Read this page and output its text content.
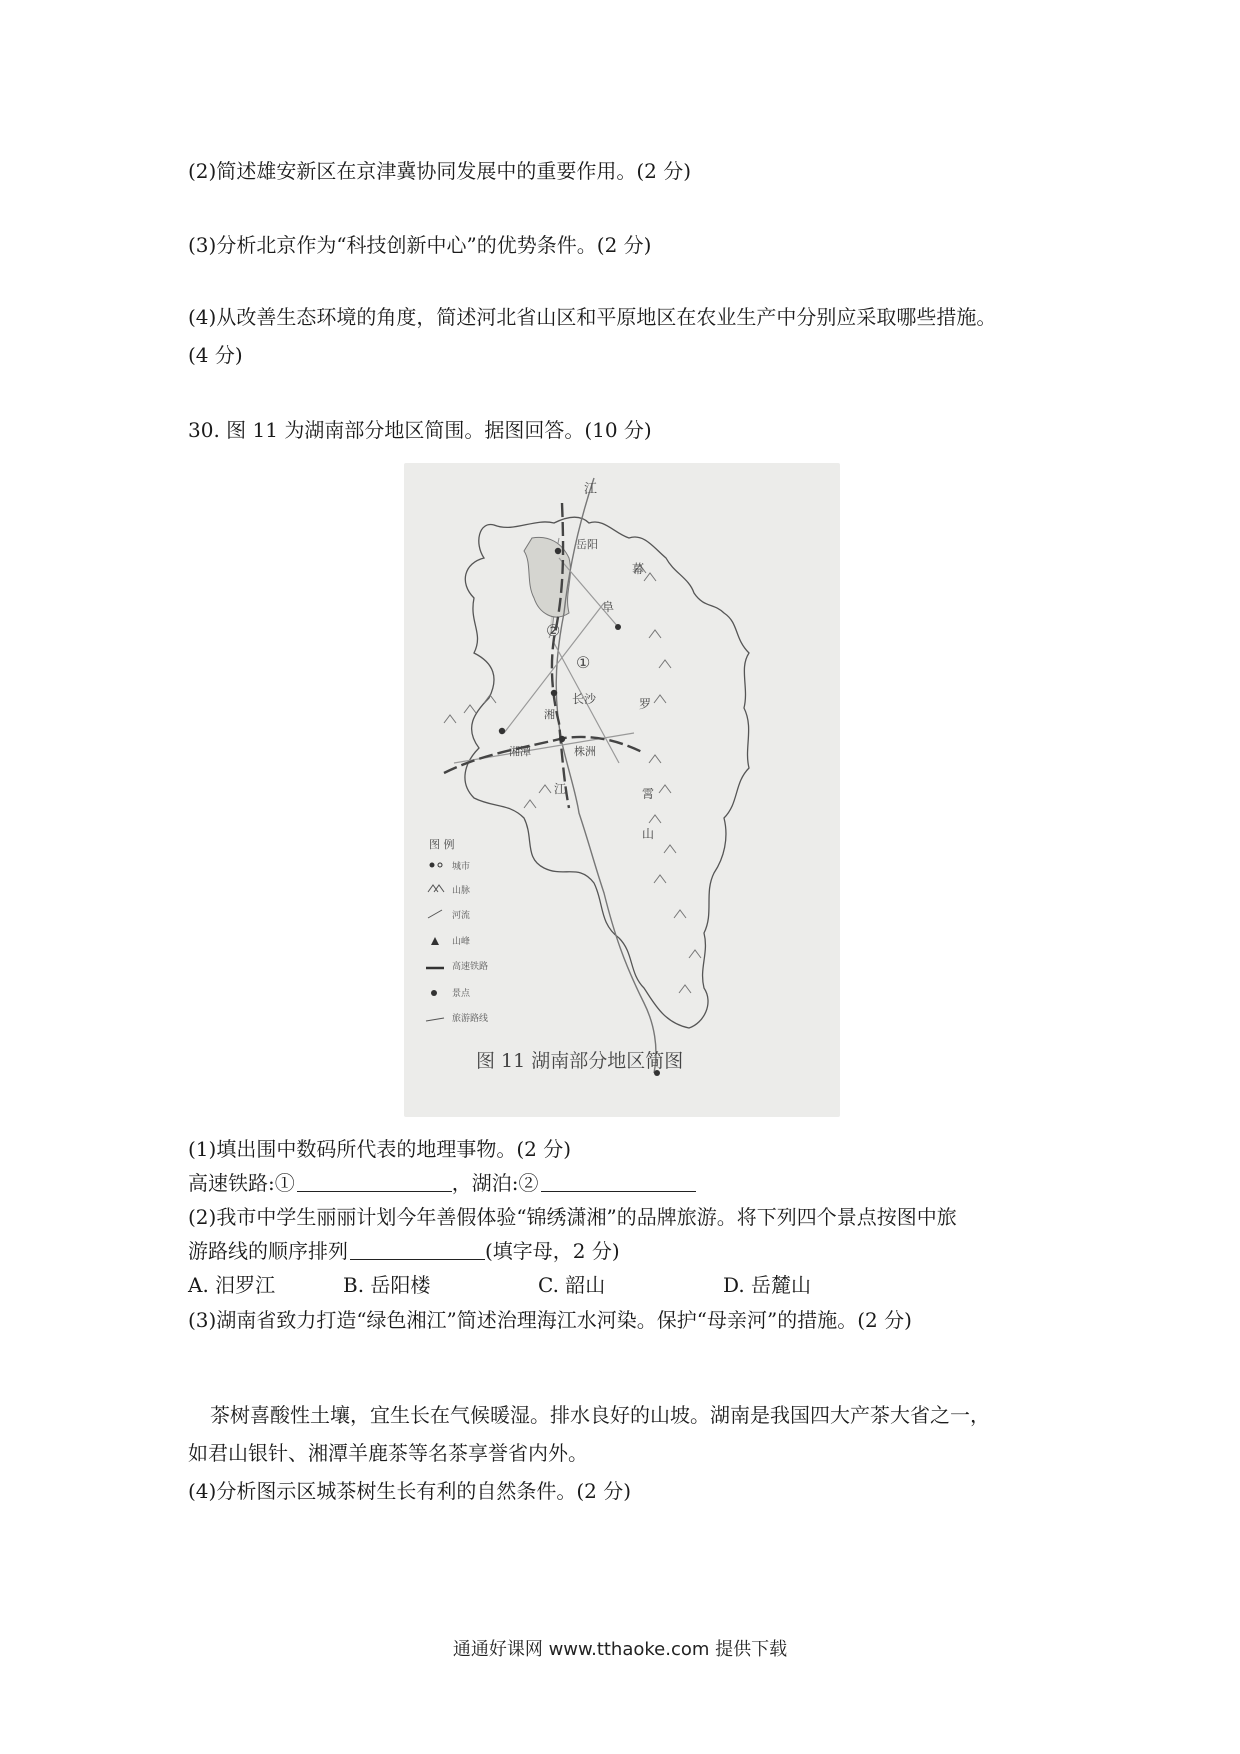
(2)简述雄安新区在京津冀协同发展中的重要作用。(2 分)
(3)分析北京作为“科技创新中心”的优势条件。(2 分)
(4)从改善生态环境的角度，简述河北省山区和平原地区在农业生产中分别应采取哪些措施。
(4 分)
30. 图 11 为湖南部分地区简围。据图回答。(10 分)
江
岳阳
幕
阜
②
①
长沙	罗
湘
湘潭	株洲
霄
江
山
图 例
城市
山脉
河流
山峰
高速铁路
景点
旅游路线
图 11 湖南部分地区简图
(1)填出围中数码所代表的地理事物。(2 分)
高速铁路:①	，湖泊:②
(2)我市中学生丽丽计划今年善假体验“锦绣潇湘”的品牌旅游。将下列四个景点按图中旅
游路线的顺序排列	(填字母，2 分)
A. 汨罗江	B. 岳阳楼	C. 韶山	D. 岳麓山
(3)湖南省致力打造“绿色湘江”简述治理海江水河染。保护“母亲河”的措施。(2 分)
茶树喜酸性土壤，宜生长在气候暖湿。排水良好的山坡。湖南是我国四大产茶大省之一，
如君山银针、湘潭羊鹿茶等名茶享誉省内外。
(4)分析图示区城茶树生长有利的自然条件。(2 分)
通通好课网 www.tthaoke.com 提供下载
